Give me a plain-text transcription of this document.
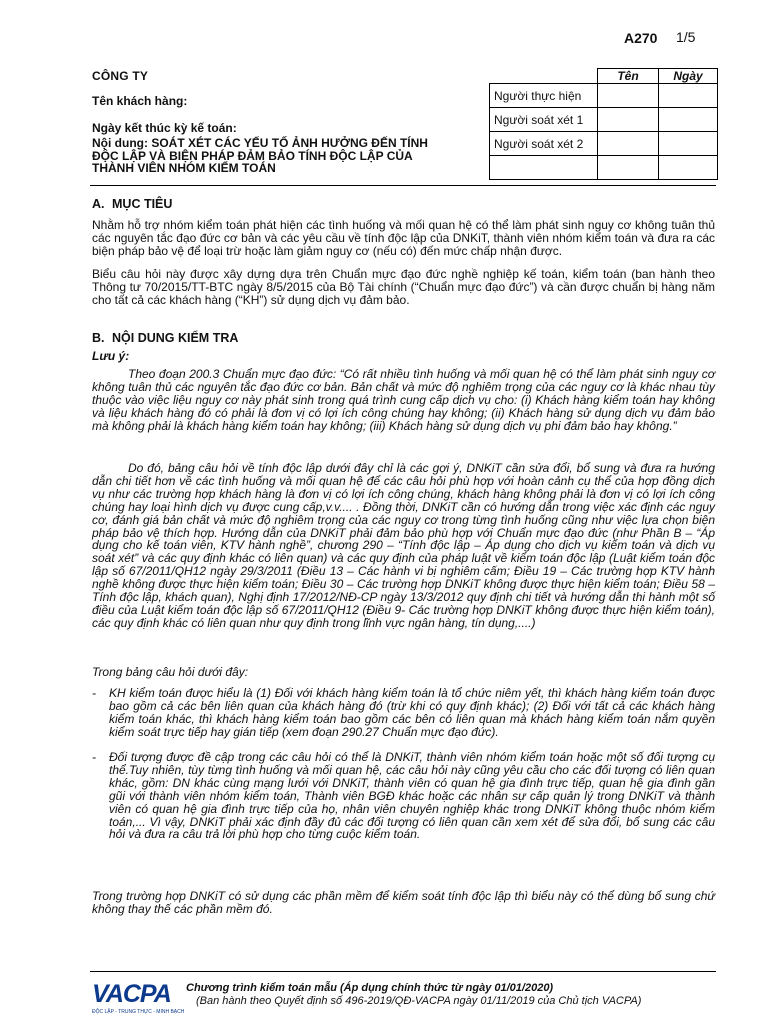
A270 1/5
CÔNG TY
Tên khách hàng:
Ngày kết thúc kỳ kế toán:
Nội dung: SOÁT XÉT CÁC YẾU TỐ ẢNH HƯỞNG ĐẾN TÍNH ĐỘC LẬP VÀ BIỆN PHÁP ĐẢM BẢO TÍNH ĐỘC LẬP CỦA THÀNH VIÊN NHÓM KIỂM TOÁN
	Tên	Ngày
Người thực hiện		
Người soát xét 1		
Người soát xét 2		

A. MỤC TIÊU
Nhằm hỗ trợ nhóm kiểm toán phát hiện các tình huống và mối quan hệ có thể làm phát sinh nguy cơ không tuân thủ các nguyên tắc đạo đức cơ bản và các yêu cầu về tính độc lập của DNKiT, thành viên nhóm kiểm toán và đưa ra các biện pháp bảo vệ để loại trừ hoặc làm giảm nguy cơ (nếu có) đến mức chấp nhận được.
Biểu câu hỏi này được xây dựng dựa trên Chuẩn mực đạo đức nghề nghiệp kế toán, kiểm toán (ban hành theo Thông tư 70/2015/TT-BTC ngày 8/5/2015 của Bộ Tài chính (“Chuẩn mực đạo đức”) và cần được chuẩn bị hàng năm cho tất cả các khách hàng (“KH”) sử dụng dịch vụ đảm bảo.
B. NỘI DUNG KIỂM TRA
Lưu ý:
Theo đoạn 200.3 Chuẩn mực đạo đức: “Có rất nhiều tình huống và mối quan hệ có thể làm phát sinh nguy cơ không tuân thủ các nguyên tắc đạo đức cơ bản. Bản chất và mức độ nghiêm trọng của các nguy cơ là khác nhau tùy thuộc vào việc liệu nguy cơ này phát sinh trong quá trình cung cấp dịch vụ cho: (i) Khách hàng kiểm toán hay không và liệu khách hàng đó có phải là đơn vị có lợi ích công chúng hay không; (ii) Khách hàng sử dụng dịch vụ đảm bảo mà không phải là khách hàng kiểm toán hay không; (iii) Khách hàng sử dụng dịch vụ phi đảm bảo hay không.”
Do đó, bảng câu hỏi về tính độc lập dưới đây chỉ là các gợi ý, DNKiT cần sửa đổi, bổ sung và đưa ra hướng dẫn chi tiết hơn về các tình huống và mối quan hệ để các câu hỏi phù hợp với hoàn cảnh cụ thể của hợp đồng dịch vụ như các trường hợp khách hàng là đơn vị có lợi ích công chúng, khách hàng không phải là đơn vị có lợi ích công chúng hay loại hình dịch vụ được cung cấp,v.v.... . Đồng thời, DNKiT cần có hướng dẫn trong việc xác định các nguy cơ, đánh giá bản chất và mức độ nghiêm trọng của các nguy cơ trong từng tình huống cũng như việc lựa chọn biện pháp bảo vệ thích hợp. Hướng dẫn của DNKiT phải đảm bảo phù hợp với Chuẩn mực đạo đức (như Phần B – “Áp dụng cho kế toán viên, KTV hành nghề”, chương 290 – “Tính độc lập – Áp dụng cho dịch vụ kiểm toán và dịch vụ soát xét” và các quy định khác có liên quan) và các quy định của pháp luật về kiểm toán độc lập (Luật kiểm toán độc lập số 67/2011/QH12 ngày 29/3/2011 (Điều 13 – Các hành vi bị nghiêm cấm; Điều 19 – Các trường hợp KTV hành nghề không được thực hiện kiểm toán; Điều 30 – Các trường hợp DNKiT không được thực hiện kiểm toán; Điều 58 – Tính độc lập, khách quan), Nghị định 17/2012/NĐ-CP ngày 13/3/2012 quy định chi tiết và hướng dẫn thi hành một số điều của Luật kiểm toán độc lập số 67/2011/QH12 (Điều 9- Các trường hợp DNKiT không được thực hiện kiểm toán), các quy định khác có liên quan như quy định trong lĩnh vực ngân hàng, tín dụng,....)
Trong bảng câu hỏi dưới đây:
- KH kiểm toán được hiểu là (1) Đối với khách hàng kiểm toán là tổ chức niêm yết, thì khách hàng kiểm toán được bao gồm cả các bên liên quan của khách hàng đó (trừ khi có quy định khác); (2) Đối với tất cả các khách hàng kiểm toán khác, thì khách hàng kiểm toán bao gồm các bên có liên quan mà khách hàng kiểm toán nắm quyền kiểm soát trực tiếp hay gián tiếp (xem đoạn 290.27 Chuẩn mực đạo đức).
- Đối tượng được đề cập trong các câu hỏi có thể là DNKiT, thành viên nhóm kiểm toán hoặc một số đối tượng cụ thể.Tuy nhiên, tùy từng tình huống và mối quan hệ, các câu hỏi này cũng yêu cầu cho các đối tượng có liên quan khác, gồm: DN khác cùng mạng lưới với DNKiT, thành viên có quan hệ gia đình trực tiếp, quan hệ gia đình gần gũi với thành viên nhóm kiểm toán, Thành viên BGĐ khác hoặc các nhân sự cấp quản lý trong DNKiT và thành viên có quan hệ gia đình trực tiếp của họ, nhân viên chuyên nghiệp khác trong DNKiT không thuộc nhóm kiểm toán,... Vì vậy, DNKiT phải xác định đầy đủ các đối tượng có liên quan cần xem xét để sửa đổi, bổ sung các câu hỏi và đưa ra câu trả lời phù hợp cho từng cuộc kiểm toán.
Trong trường hợp DNKiT có sử dụng các phần mềm để kiểm soát tính độc lập thì biểu này có thể dùng bổ sung chứ không thay thế các phần mềm đó.
VACPA
ĐỘC LẬP - TRUNG THỰC - MINH BẠCH
Chương trình kiểm toán mẫu (Áp dụng chính thức từ ngày 01/01/2020)
(Ban hành theo Quyết định số 496-2019/QĐ-VACPA ngày 01/11/2019 của Chủ tịch VACPA)
